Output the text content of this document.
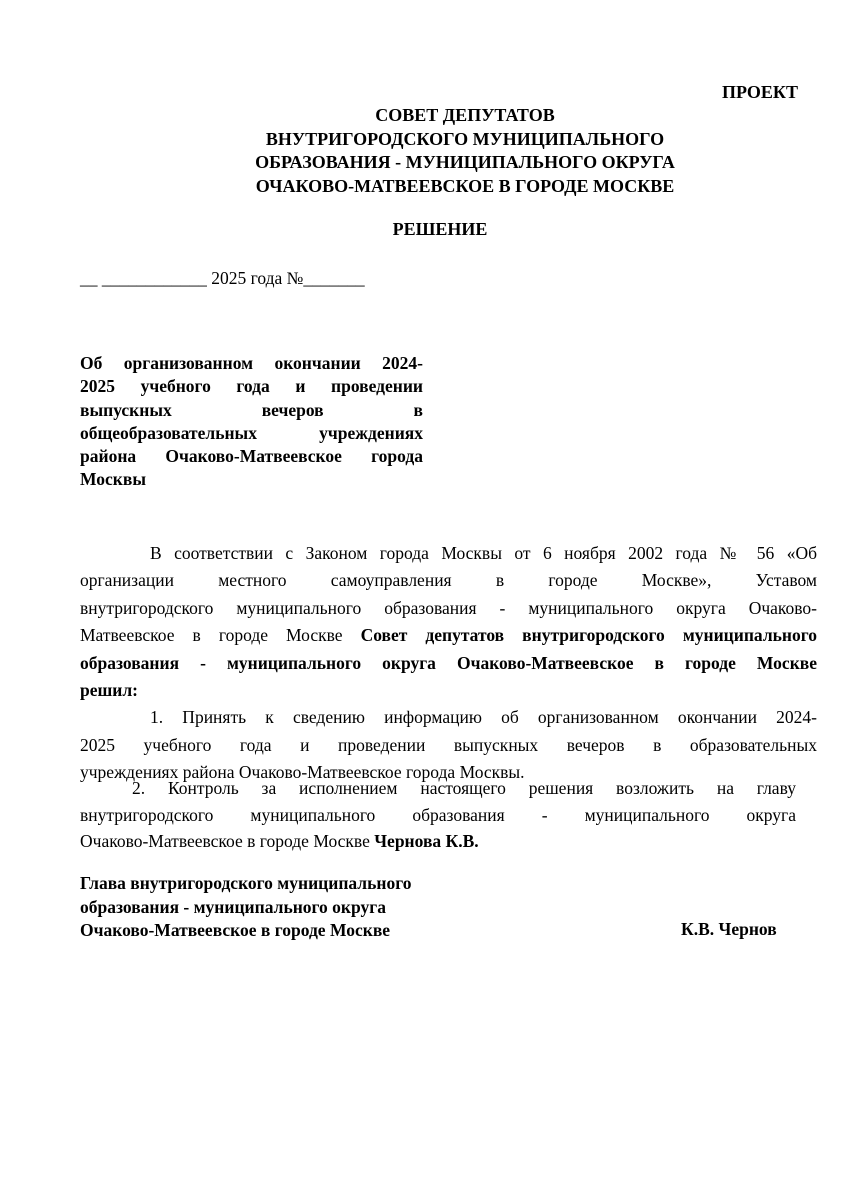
ПРОЕКТ
СОВЕТ ДЕПУТАТОВ
ВНУТРИГОРОДСКОГО МУНИЦИПАЛЬНОГО
ОБРАЗОВАНИЯ - МУНИЦИПАЛЬНОГО ОКРУГА
ОЧАКОВО-МАТВЕЕВСКОЕ В ГОРОДЕ МОСКВЕ
РЕШЕНИЕ
__ ____________ 2025 года №_______
Об организованном окончании 2024-
2025 учебного года и проведении
выпускных вечеров в
общеобразовательных учреждениях
района Очаково-Матвеевское города
Москвы
В соответствии с Законом города Москвы от 6 ноября 2002 года № 56 «Об
организации местного самоуправления в городе Москве», Уставом
внутригородского муниципального образования - муниципального округа Очаково-
Матвеевское в городе Москве Совет депутатов внутригородского муниципального
образования - муниципального округа Очаково-Матвеевское в городе Москве
решил:
1. Принять к сведению информацию об организованном окончании 2024-
2025 учебного года и проведении выпускных вечеров в образовательных
учреждениях района Очаково-Матвеевское города Москвы.
2. Контроль за исполнением настоящего решения возложить на главу
внутригородского муниципального образования - муниципального округа
Очаково-Матвеевское в городе Москве Чернова К.В.
Глава внутригородского муниципального
образования - муниципального округа
Очаково-Матвеевское в городе Москве	К.В. Чернов
